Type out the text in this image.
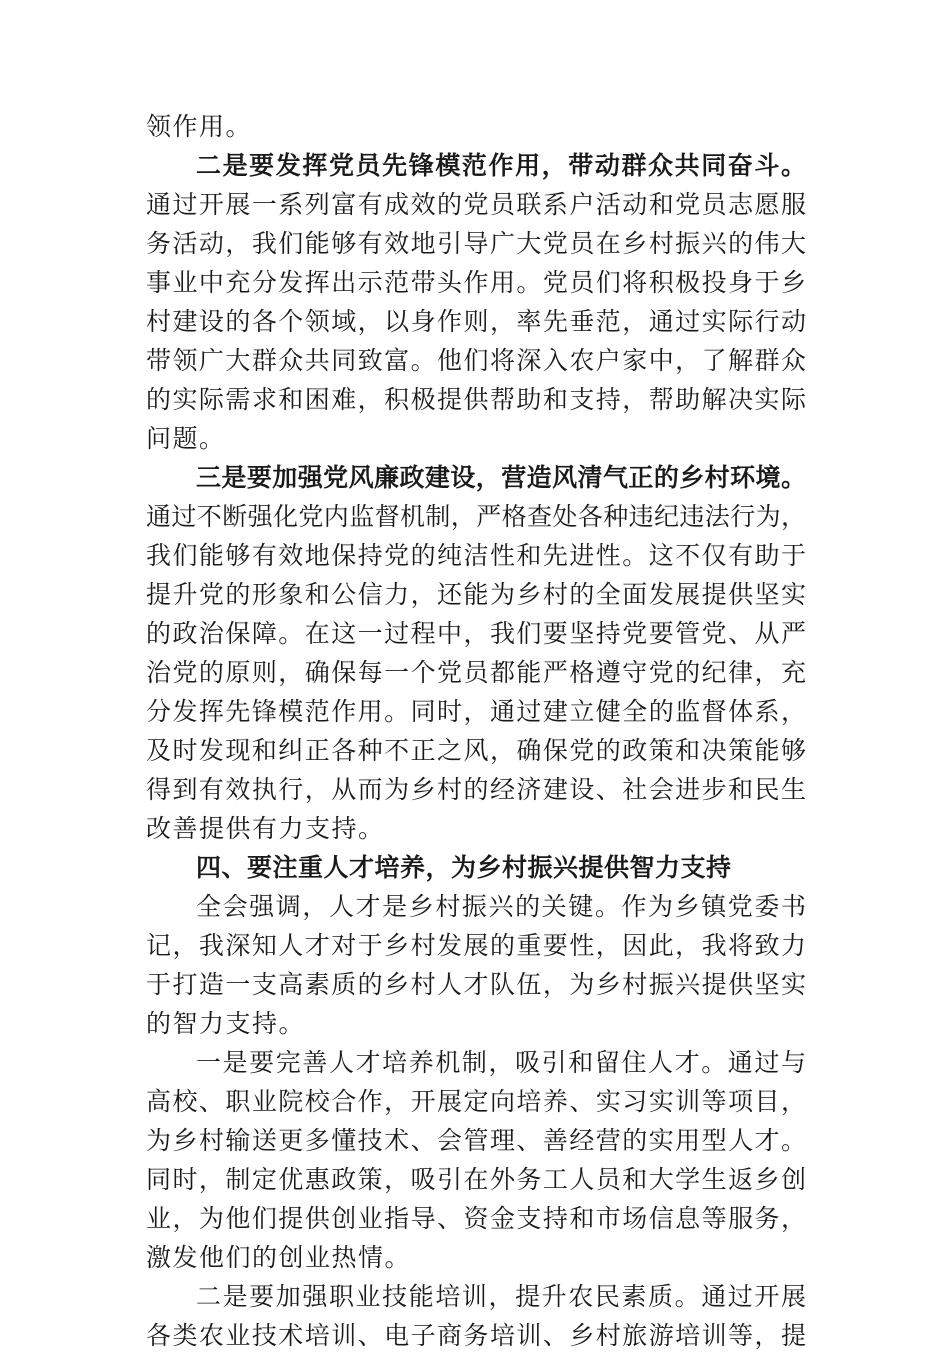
领作用。
二是要发挥党员先锋模范作用，带动群众共同奋斗。
通过开展一系列富有成效的党员联系户活动和党员志愿服
务活动，我们能够有效地引导广大党员在乡村振兴的伟大
事业中充分发挥出示范带头作用。党员们将积极投身于乡
村建设的各个领域，以身作则，率先垂范，通过实际行动
带领广大群众共同致富。他们将深入农户家中，了解群众
的实际需求和困难，积极提供帮助和支持，帮助解决实际
问题。
三是要加强党风廉政建设，营造风清气正的乡村环境。
通过不断强化党内监督机制，严格查处各种违纪违法行为，
我们能够有效地保持党的纯洁性和先进性。这不仅有助于
提升党的形象和公信力，还能为乡村的全面发展提供坚实
的政治保障。在这一过程中，我们要坚持党要管党、从严
治党的原则，确保每一个党员都能严格遵守党的纪律，充
分发挥先锋模范作用。同时，通过建立健全的监督体系，
及时发现和纠正各种不正之风，确保党的政策和决策能够
得到有效执行，从而为乡村的经济建设、社会进步和民生
改善提供有力支持。
四、要注重人才培养，为乡村振兴提供智力支持
全会强调，人才是乡村振兴的关键。作为乡镇党委书
记，我深知人才对于乡村发展的重要性，因此，我将致力
于打造一支高素质的乡村人才队伍，为乡村振兴提供坚实
的智力支持。
一是要完善人才培养机制，吸引和留住人才。通过与
高校、职业院校合作，开展定向培养、实习实训等项目，
为乡村输送更多懂技术、会管理、善经营的实用型人才。
同时，制定优惠政策，吸引在外务工人员和大学生返乡创
业，为他们提供创业指导、资金支持和市场信息等服务，
激发他们的创业热情。
二是要加强职业技能培训，提升农民素质。通过开展
各类农业技术培训、电子商务培训、乡村旅游培训等，提
